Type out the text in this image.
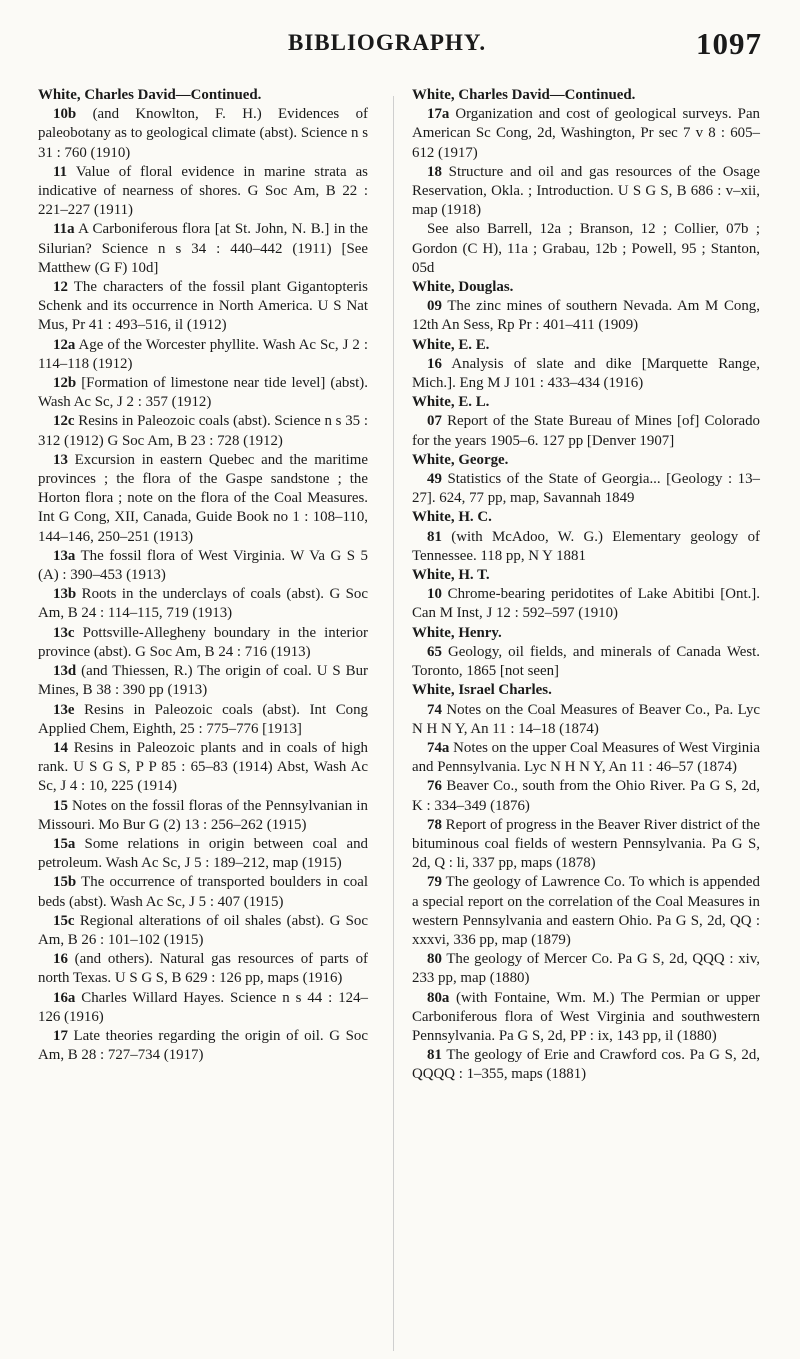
BIBLIOGRAPHY.	1097

White, Charles David—Continued.

10b (and Knowlton, F. H.) Evidences of paleobotany as to geological climate (abst). Science n s 31 : 760 (1910)

11 Value of floral evidence in marine strata as indicative of nearness of shores. G Soc Am, B 22 : 221–227 (1911)

11a A Carboniferous flora [at St. John, N. B.] in the Silurian? Science n s 34 : 440–442 (1911) [See Matthew (G F) 10d]

12 The characters of the fossil plant Gigantopteris Schenk and its occurrence in North America. U S Nat Mus, Pr 41 : 493–516, il (1912)

12a Age of the Worcester phyllite. Wash Ac Sc, J 2 : 114–118 (1912)

12b [Formation of limestone near tide level] (abst). Wash Ac Sc, J 2 : 357 (1912)

12c Resins in Paleozoic coals (abst). Science n s 35 : 312 (1912) G Soc Am, B 23 : 728 (1912)

13 Excursion in eastern Quebec and the maritime provinces ; the flora of the Gaspe sandstone ; the Horton flora ; note on the flora of the Coal Measures. Int G Cong, XII, Canada, Guide Book no 1 : 108–110, 144–146, 250–251 (1913)

13a The fossil flora of West Virginia. W Va G S 5 (A) : 390–453 (1913)

13b Roots in the underclays of coals (abst). G Soc Am, B 24 : 114–115, 719 (1913)

13c Pottsville-Allegheny boundary in the interior province (abst). G Soc Am, B 24 : 716 (1913)

13d (and Thiessen, R.) The origin of coal. U S Bur Mines, B 38 : 390 pp (1913)

13e Resins in Paleozoic coals (abst). Int Cong Applied Chem, Eighth, 25 : 775–776 [1913]

14 Resins in Paleozoic plants and in coals of high rank. U S G S, P P 85 : 65–83 (1914) Abst, Wash Ac Sc, J 4 : 10, 225 (1914)

15 Notes on the fossil floras of the Pennsylvanian in Missouri. Mo Bur G (2) 13 : 256–262 (1915)

15a Some relations in origin between coal and petroleum. Wash Ac Sc, J 5 : 189–212, map (1915)

15b The occurrence of transported boulders in coal beds (abst). Wash Ac Sc, J 5 : 407 (1915)

15c Regional alterations of oil shales (abst). G Soc Am, B 26 : 101–102 (1915)

16 (and others). Natural gas resources of parts of north Texas. U S G S, B 629 : 126 pp, maps (1916)

16a Charles Willard Hayes. Science n s 44 : 124–126 (1916)

17 Late theories regarding the origin of oil. G Soc Am, B 28 : 727–734 (1917)

White, Charles David—Continued.

17a Organization and cost of geological surveys. Pan American Sc Cong, 2d, Washington, Pr sec 7 v 8 : 605–612 (1917)

18 Structure and oil and gas resources of the Osage Reservation, Okla. ; Introduction. U S G S, B 686 : v–xii, map (1918)

See also Barrell, 12a ; Branson, 12 ; Collier, 07b ; Gordon (C H), 11a ; Grabau, 12b ; Powell, 95 ; Stanton, 05d

White, Douglas.

09 The zinc mines of southern Nevada. Am M Cong, 12th An Sess, Rp Pr : 401–411 (1909)

White, E. E.

16 Analysis of slate and dike [Marquette Range, Mich.]. Eng M J 101 : 433–434 (1916)

White, E. L.

07 Report of the State Bureau of Mines [of] Colorado for the years 1905–6. 127 pp [Denver 1907]

White, George.

49 Statistics of the State of Georgia... [Geology : 13–27]. 624, 77 pp, map, Savannah 1849

White, H. C.

81 (with McAdoo, W. G.) Elementary geology of Tennessee. 118 pp, N Y 1881

White, H. T.

10 Chrome-bearing peridotites of Lake Abitibi [Ont.]. Can M Inst, J 12 : 592–597 (1910)

White, Henry.

65 Geology, oil fields, and minerals of Canada West. Toronto, 1865 [not seen]

White, Israel Charles.

74 Notes on the Coal Measures of Beaver Co., Pa. Lyc N H N Y, An 11 : 14–18 (1874)

74a Notes on the upper Coal Measures of West Virginia and Pennsylvania. Lyc N H N Y, An 11 : 46–57 (1874)

76 Beaver Co., south from the Ohio River. Pa G S, 2d, K : 334–349 (1876)

78 Report of progress in the Beaver River district of the bituminous coal fields of western Pennsylvania. Pa G S, 2d, Q : li, 337 pp, maps (1878)

79 The geology of Lawrence Co. To which is appended a special report on the correlation of the Coal Measures in western Pennsylvania and eastern Ohio. Pa G S, 2d, QQ : xxxvi, 336 pp, map (1879)

80 The geology of Mercer Co. Pa G S, 2d, QQQ : xiv, 233 pp, map (1880)

80a (with Fontaine, Wm. M.) The Permian or upper Carboniferous flora of West Virginia and southwestern Pennsylvania. Pa G S, 2d, PP : ix, 143 pp, il (1880)

81 The geology of Erie and Crawford cos. Pa G S, 2d, QQQQ : 1–355, maps (1881)
